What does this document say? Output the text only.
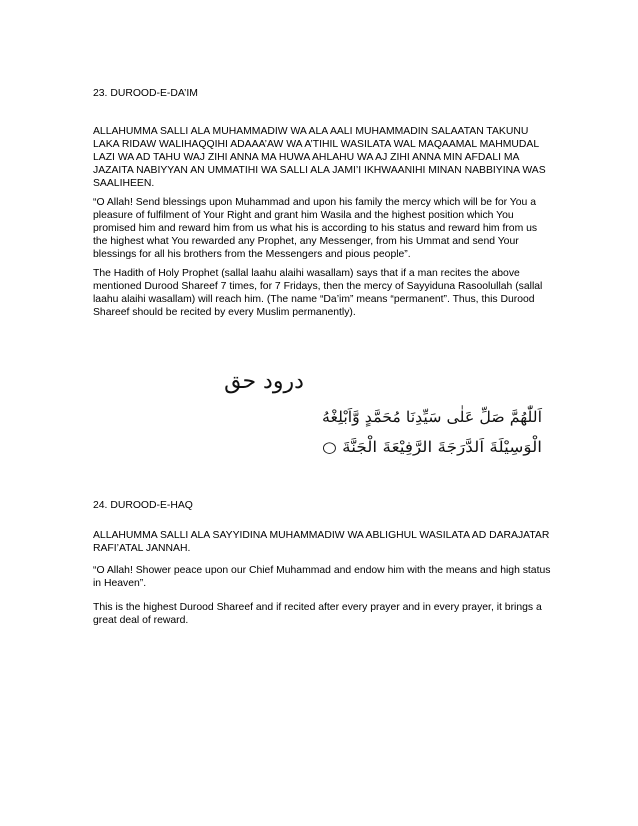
23. DUROOD-E-DA’IM

ALLAHUMMA SALLI ALA MUHAMMADIW WA ALA AALI MUHAMMADIN SALAATAN TAKUNU LAKA RIDAW WALIHAQQIHI ADAAA’AW WA A’TIHIL WASILATA WAL MAQAAMAL MAHMUDAL LAZI WA AD TAHU WAJ ZIHI ANNA MA HUWA AHLAHU WA AJ ZIHI ANNA MIN AFDALI MA JAZAITA NABIYYAN AN UMMATIHI WA SALLI ALA JAMI’I IKHWAANIHI MINAN NABBIYINA WAS SAALIHEEN.

“O Allah! Send blessings upon Muhammad and upon his family the mercy which will be for You a pleasure of fulfilment of Your Right and grant him Wasila and the highest position which You promised him and reward him from us what his is according to his status and reward him from us the highest what You rewarded any Prophet, any Messenger, from his Ummat and send Your blessings for all his brothers from the Messengers and pious people”.

The Hadith of Holy Prophet (sallal laahu alaihi wasallam) says that if a man recites the above mentioned Durood Shareef 7 times, for 7 Fridays, then the mercy of Sayyiduna Rasoolullah (sallal laahu alaihi wasallam) will reach him. (The name “Da’im” means “permanent”. Thus, this Durood Shareef should be recited by every Muslim permanently).

درود حق
اَللّٰهُمَّ صَلِّ عَلٰى سَيِّدِنَا مُحَمَّدٍ وَّاَبْلِغْهُ
الْوَسِيْلَةَ اَلدَّرَجَةَ الرَّفِيْعَةَ الْجَنَّةَ ○

24. DUROOD-E-HAQ

ALLAHUMMA SALLI ALA SAYYIDINA MUHAMMADIW WA ABLIGHUL WASILATA AD DARAJATAR RAFI’ATAL JANNAH.

“O Allah! Shower peace upon our Chief Muhammad and endow him with the means and high status in Heaven”.

This is the highest Durood Shareef and if recited after every prayer and in every prayer, it brings a great deal of reward.
